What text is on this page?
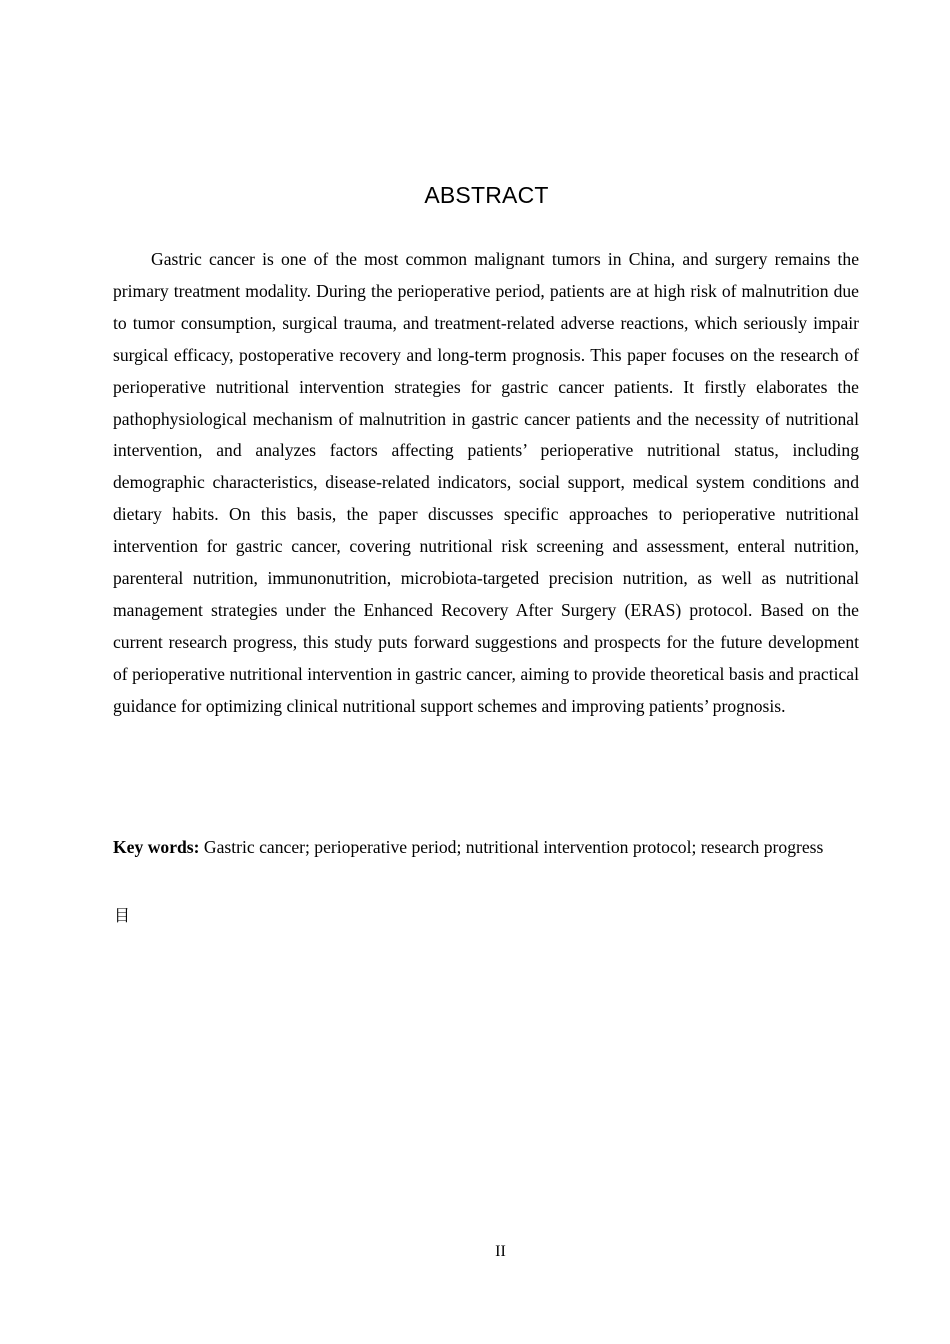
ABSTRACT

Gastric cancer is one of the most common malignant tumors in China, and surgery remains the primary treatment modality. During the perioperative period, patients are at high risk of malnutrition due to tumor consumption, surgical trauma, and treatment-related adverse reactions, which seriously impair surgical efficacy, postoperative recovery and long-term prognosis. This paper focuses on the research of perioperative nutritional intervention strategies for gastric cancer patients. It firstly elaborates the pathophysiological mechanism of malnutrition in gastric cancer patients and the necessity of nutritional intervention, and analyzes factors affecting patients’ perioperative nutritional status, including demographic characteristics, disease-related indicators, social support, medical system conditions and dietary habits. On this basis, the paper discusses specific approaches to perioperative nutritional intervention for gastric cancer, covering nutritional risk screening and assessment, enteral nutrition, parenteral nutrition, immunonutrition, microbiota-targeted precision nutrition, as well as nutritional management strategies under the Enhanced Recovery After Surgery (ERAS) protocol. Based on the current research progress, this study puts forward suggestions and prospects for the future development of perioperative nutritional intervention in gastric cancer, aiming to provide theoretical basis and practical guidance for optimizing clinical nutritional support schemes and improving patients’ prognosis.

Key words: Gastric cancer; perioperative period; nutritional intervention protocol; research progress

目
II
